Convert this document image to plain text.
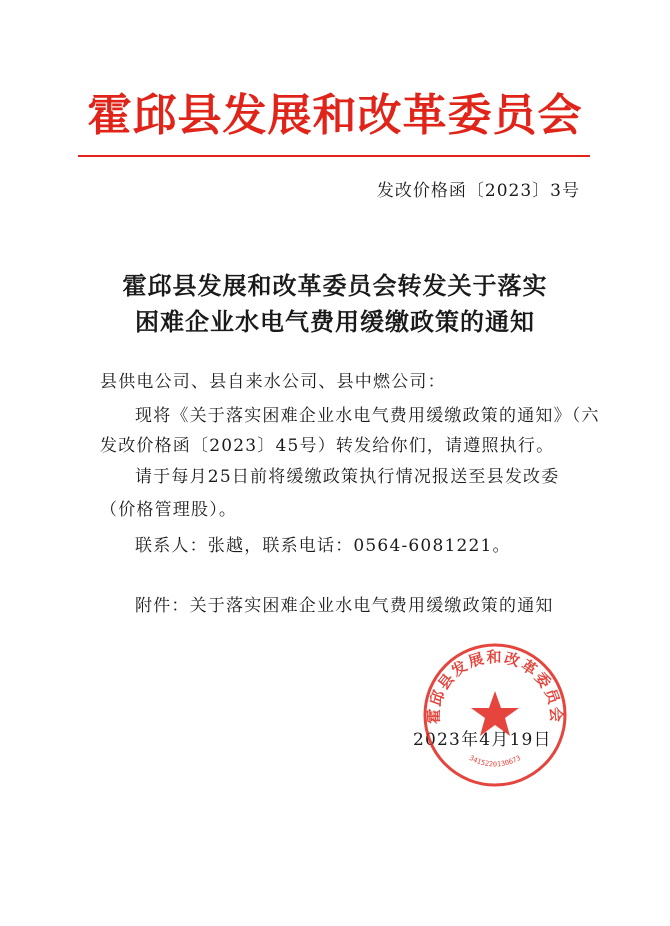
霍邱县发展和改革委员会
发改价格函〔2023〕3号
霍邱县发展和改革委员会转发关于落实
困难企业水电气费用缓缴政策的通知
县供电公司、县自来水公司、县中燃公司：
现将《关于落实困难企业水电气费用缓缴政策的通知》（六
发改价格函〔2023〕45号）转发给你们，请遵照执行。
请于每月25日前将缓缴政策执行情况报送至县发改委
（价格管理股）。
联系人：张越，联系电话：0564-6081221。
附件：关于落实困难企业水电气费用缓缴政策的通知
2023年4月19日
霍邱县发展和改革委员会
3415220130673
